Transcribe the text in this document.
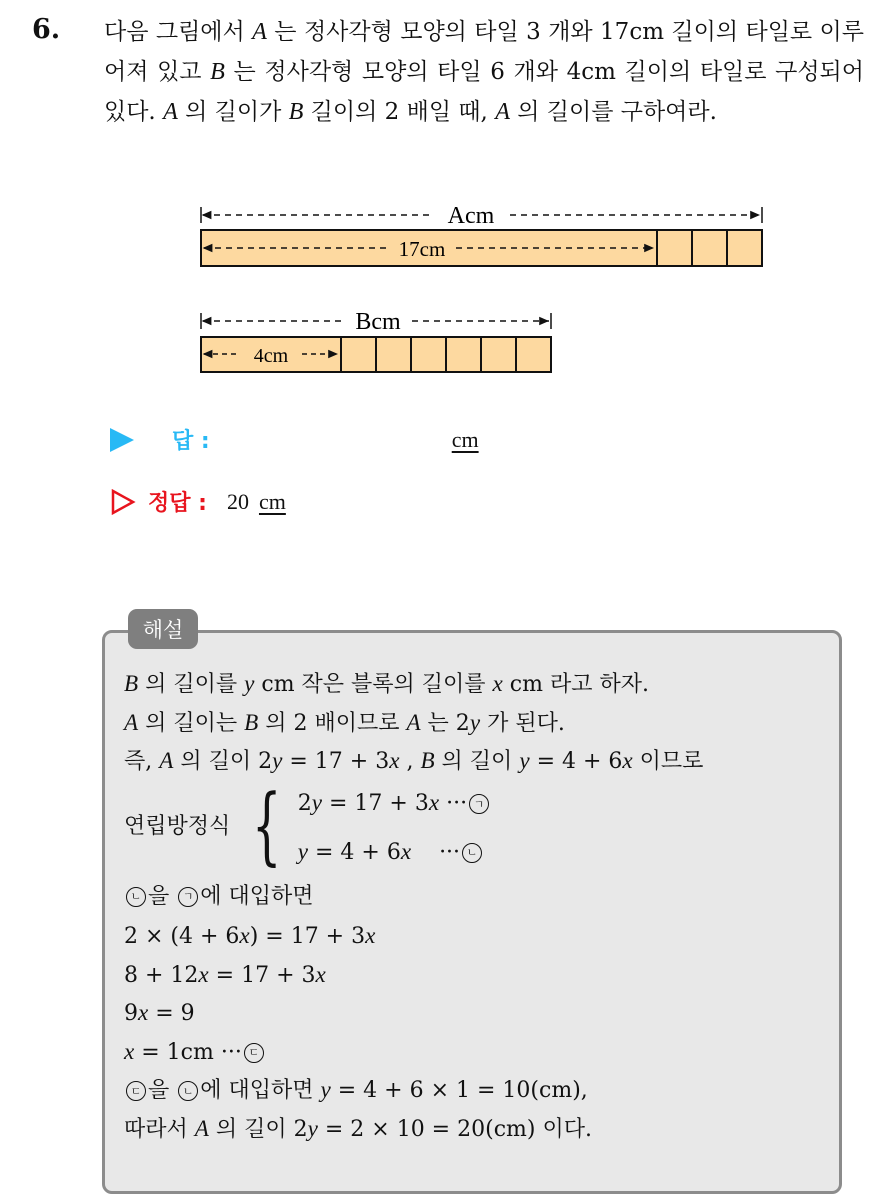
6. 다음 그림에서 A 는 정사각형 모양의 타일 3 개와 17cm 길이의 타일로 이루어져 있고 B 는 정사각형 모양의 타일 6 개와 4cm 길이의 타일로 구성되어 있다. A 의 길이가 B 길이의 2 배일 때, A 의 길이를 구하여라.
Acm
17cm
Bcm
4cm
답 :	cm
정답 : 20 cm
해설
B 의 길이를 y cm 작은 블록의 길이를 x cm 라고 하자.
A 의 길이는 B 의 2 배이므로 A 는 2y 가 된다.
즉, A 의 길이 2y = 17 + 3x , B 의 길이 y = 4 + 6x 이므로
연립방정식 { 2y = 17 + 3x ··· ㄱ
y = 4 + 6x    ··· ㄴ
ㄴ 을 ㄱ 에 대입하면
2 × (4 + 6x) = 17 + 3x
8 + 12x = 17 + 3x
9x = 9
x = 1cm ··· ㄷ
ㄷ 을 ㄴ 에 대입하면 y = 4 + 6 × 1 = 10(cm),
따라서 A 의 길이 2y = 2 × 10 = 20(cm) 이다.
